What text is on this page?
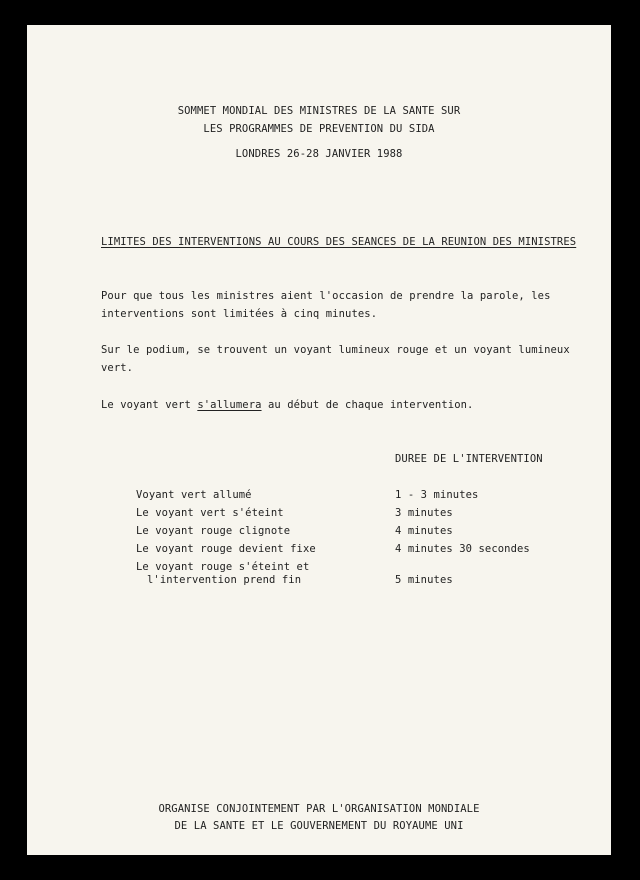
SOMMET MONDIAL DES MINISTRES DE LA SANTE SUR
LES PROGRAMMES DE PREVENTION DU SIDA
LONDRES 26-28 JANVIER 1988
LIMITES DES INTERVENTIONS AU COURS DES SEANCES DE LA REUNION DES MINISTRES
Pour que tous les ministres aient l'occasion de prendre la parole, les
interventions sont limitées à cinq minutes.
Sur le podium, se trouvent un voyant lumineux rouge et un voyant lumineux
vert.
Le voyant vert s'allumera au début de chaque intervention.
DUREE DE L'INTERVENTION
Voyant vert allumé	1 - 3 minutes
Le voyant vert s'éteint	3 minutes
Le voyant rouge clignote	4 minutes
Le voyant rouge devient fixe	4 minutes 30 secondes
Le voyant rouge s'éteint et
l'intervention prend fin	5 minutes
ORGANISE CONJOINTEMENT PAR L'ORGANISATION MONDIALE
DE LA SANTE ET LE GOUVERNEMENT DU ROYAUME UNI
